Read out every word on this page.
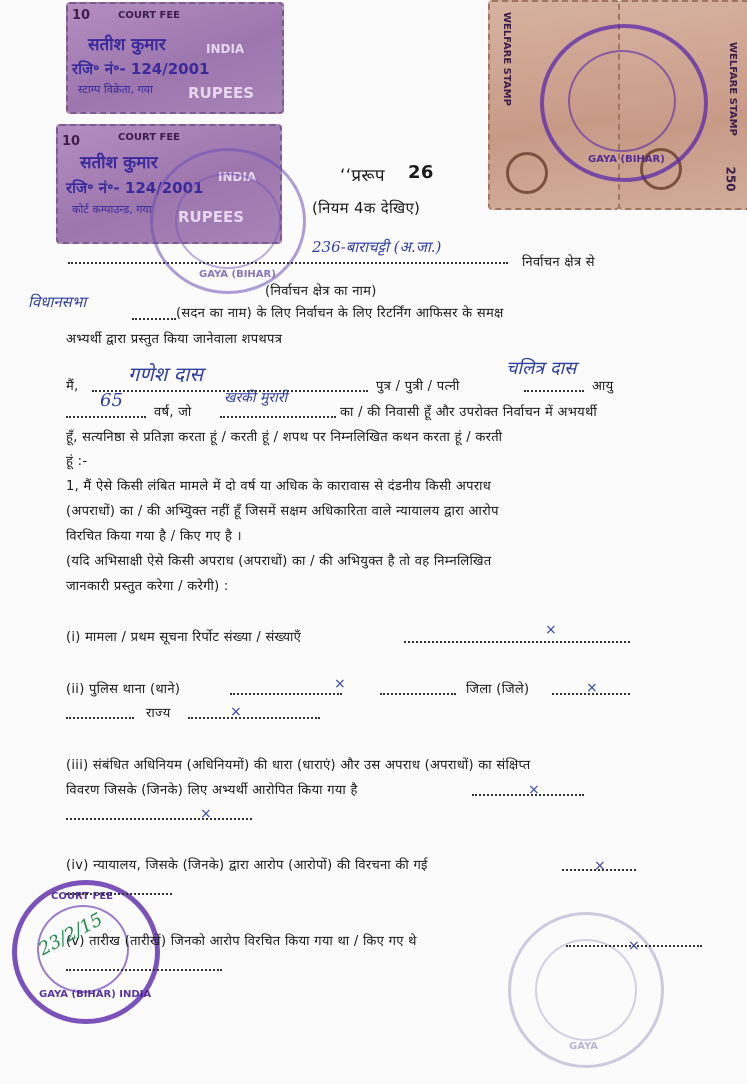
10	COURT FEE
INDIA
RUPEES
सतीश कुमार
रजि॰ नं॰- 124/2001
स्टाम्प विक्रेता, गया
10	COURT FEE
INDIA
RUPEES
सतीश कुमार
रजि॰ नं॰- 124/2001
कोर्ट कम्पाउन्ड, गया
WELFARE STAMP	WELFARE STAMP
250
GAYA (BIHAR)
GAYA (BIHAR)
GAYA (BIHAR) INDIA
COURT FEE
GAYA
‘‘प्ररूप 26
(नियम 4क देखिए)
236-बाराचट्टी (अ.जा.)
निर्वाचन क्षेत्र से
(निर्वाचन क्षेत्र का नाम)
विधानसभा
(सदन का नाम) के लिए निर्वाचन के लिए रिटर्निंग आफिसर के समक्ष
अभ्यर्थी द्वारा प्रस्तुत किया जानेवाला शपथपत्र
मैं,
गणेश दास
पुत्र / पुत्री / पत्नी
चलित्र दास
आयु
65
वर्ष, जो
खरकी मुरारी
का / की निवासी हूँ और उपरोक्त निर्वाचन में अभयर्थी
हूँ, सत्यनिष्ठा से प्रतिज्ञा करता हूं / करती हूं / शपथ पर निम्नलिखित कथन करता हूं / करती
हूं :-
1, मैं ऐसे किसी लंबित मामले में दो वर्ष या अधिक के कारावास से दंडनीय किसी अपराध
(अपराधों) का / की अभ्युिक्त नहीं हूँ जिसमें सक्षम अधिकारिता वाले न्यायालय द्वारा आरोप
विरचित किया गया है / किए गए है ।
(यदि अभिसाक्षी ऐसे किसी अपराध (अपराधों) का / की अभियुक्त है तो वह निम्नलिखित
जानकारी प्रस्तुत करेगा / करेगी) :
(i) मामला / प्रथम सूचना रिर्पोट संख्या / संख्याएँ	×
(ii) पुलिस थाना (थाने)	×	जिला (जिले)	×
राज्य	×
(iii) संबंधित अधिनियम (अधिनियमों) की धारा (धाराएं) और उस अपराध (अपराधों) का संक्षिप्त
विवरण जिसके (जिनके) लिए अभ्यर्थी आरोपित किया गया है	×
×
(iv) न्यायालय, जिसके (जिनके) द्वारा आरोप (आरोपों) की विरचना की गई	×
(v) तारीख (तारीखें) जिनको आरोप विरचित किया गया था / किए गए थे	×
23/2/15
